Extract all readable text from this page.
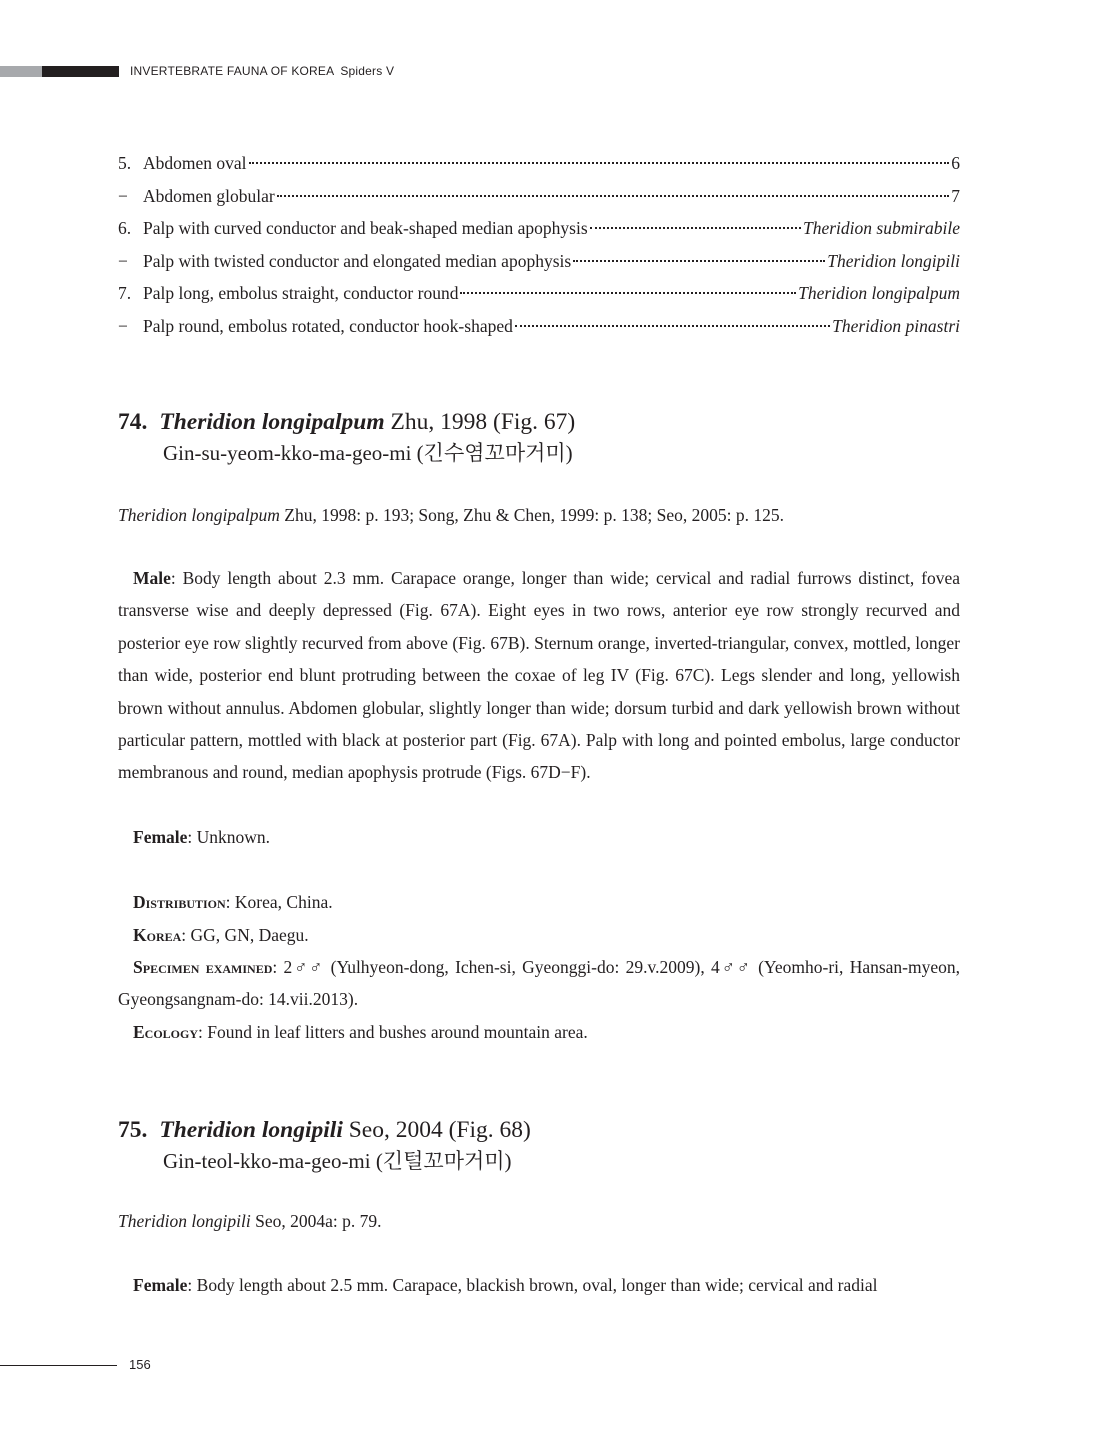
INVERTEBRATE FAUNA OF KOREA Spiders V
5. Abdomen oval	6
− Abdomen globular	7
6. Palp with curved conductor and beak-shaped median apophysis	Theridion submirabile
− Palp with twisted conductor and elongated median apophysis	Theridion longipili
7. Palp long, embolus straight, conductor round	Theridion longipalpum
− Palp round, embolus rotated, conductor hook-shaped	Theridion pinastri
74. Theridion longipalpum Zhu, 1998 (Fig. 67)
Gin-su-yeom-kko-ma-geo-mi (긴수염꼬마거미)
Theridion longipalpum Zhu, 1998: p. 193; Song, Zhu & Chen, 1999: p. 138; Seo, 2005: p. 125.
Male: Body length about 2.3 mm. Carapace orange, longer than wide; cervical and radial furrows distinct, fovea transverse wise and deeply depressed (Fig. 67A). Eight eyes in two rows, anterior eye row strongly recurved and posterior eye row slightly recurved from above (Fig. 67B). Sternum orange, inverted-triangular, convex, mottled, longer than wide, posterior end blunt protruding between the coxae of leg IV (Fig. 67C). Legs slender and long, yellowish brown without annulus. Abdomen globular, slightly longer than wide; dorsum turbid and dark yellowish brown without particular pattern, mottled with black at posterior part (Fig. 67A). Palp with long and pointed embolus, large conductor membranous and round, median apophysis protrude (Figs. 67D−F).
Female: Unknown.
Distribution: Korea, China.
Korea: GG, GN, Daegu.
Specimen examined: 2♂♂ (Yulhyeon-dong, Ichen-si, Gyeonggi-do: 29.v.2009), 4♂♂ (Yeomho-ri, Hansan-myeon, Gyeongsangnam-do: 14.vii.2013).
Ecology: Found in leaf litters and bushes around mountain area.
75. Theridion longipili Seo, 2004 (Fig. 68)
Gin-teol-kko-ma-geo-mi (긴털꼬마거미)
Theridion longipili Seo, 2004a: p. 79.
Female: Body length about 2.5 mm. Carapace, blackish brown, oval, longer than wide; cervical and radial
156
